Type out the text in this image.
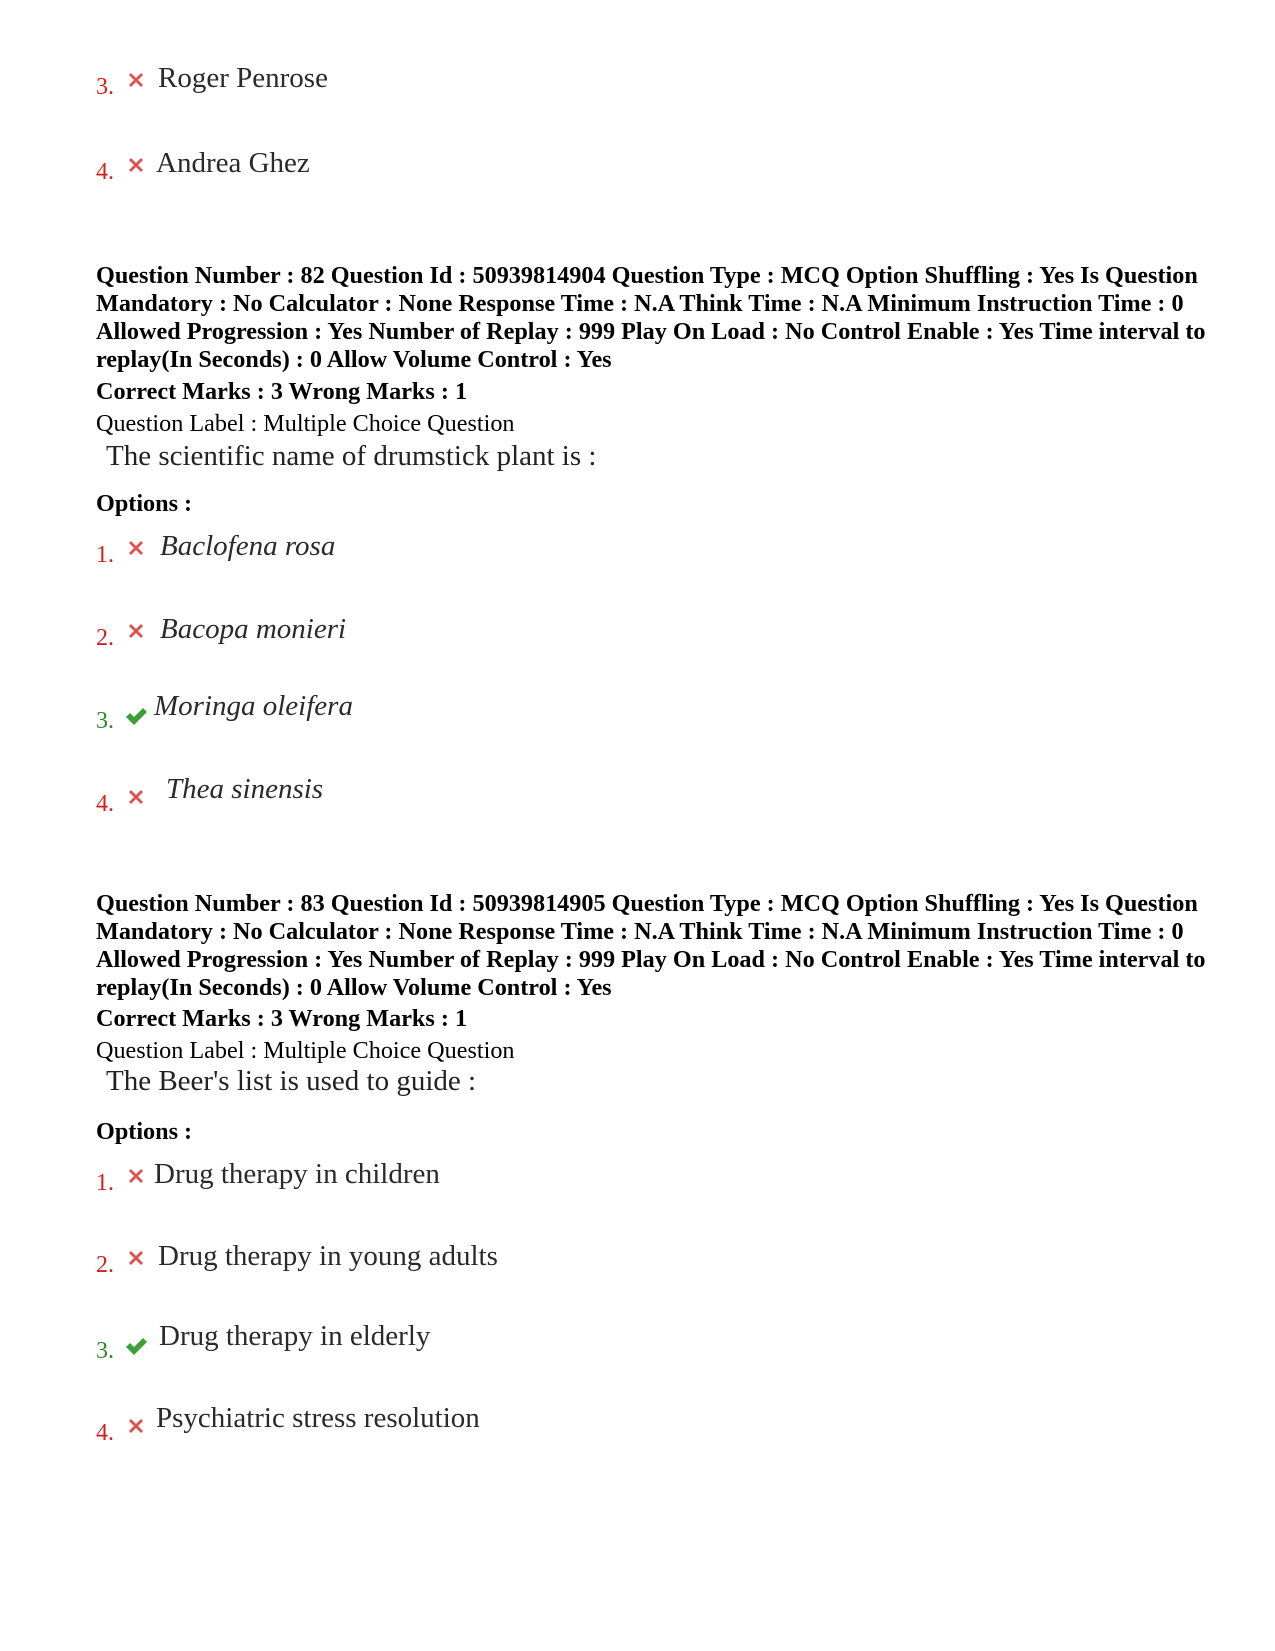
3. Roger Penrose
4. Andrea Ghez
Question Number : 82 Question Id : 50939814904 Question Type : MCQ Option Shuffling : Yes Is Question Mandatory : No Calculator : None Response Time : N.A Think Time : N.A Minimum Instruction Time : 0 Allowed Progression : Yes Number of Replay : 999 Play On Load : No Control Enable : Yes Time interval to replay(In Seconds) : 0 Allow Volume Control : Yes
Correct Marks : 3 Wrong Marks : 1
Question Label : Multiple Choice Question
The scientific name of drumstick plant is :
Options :
1. Baclofena rosa
2. Bacopa monieri
3. Moringa oleifera
4. Thea sinensis
Question Number : 83 Question Id : 50939814905 Question Type : MCQ Option Shuffling : Yes Is Question Mandatory : No Calculator : None Response Time : N.A Think Time : N.A Minimum Instruction Time : 0 Allowed Progression : Yes Number of Replay : 999 Play On Load : No Control Enable : Yes Time interval to replay(In Seconds) : 0 Allow Volume Control : Yes
Correct Marks : 3 Wrong Marks : 1
Question Label : Multiple Choice Question
The Beer's list is used to guide :
Options :
1. Drug therapy in children
2. Drug therapy in young adults
3. Drug therapy in elderly
4. Psychiatric stress resolution
